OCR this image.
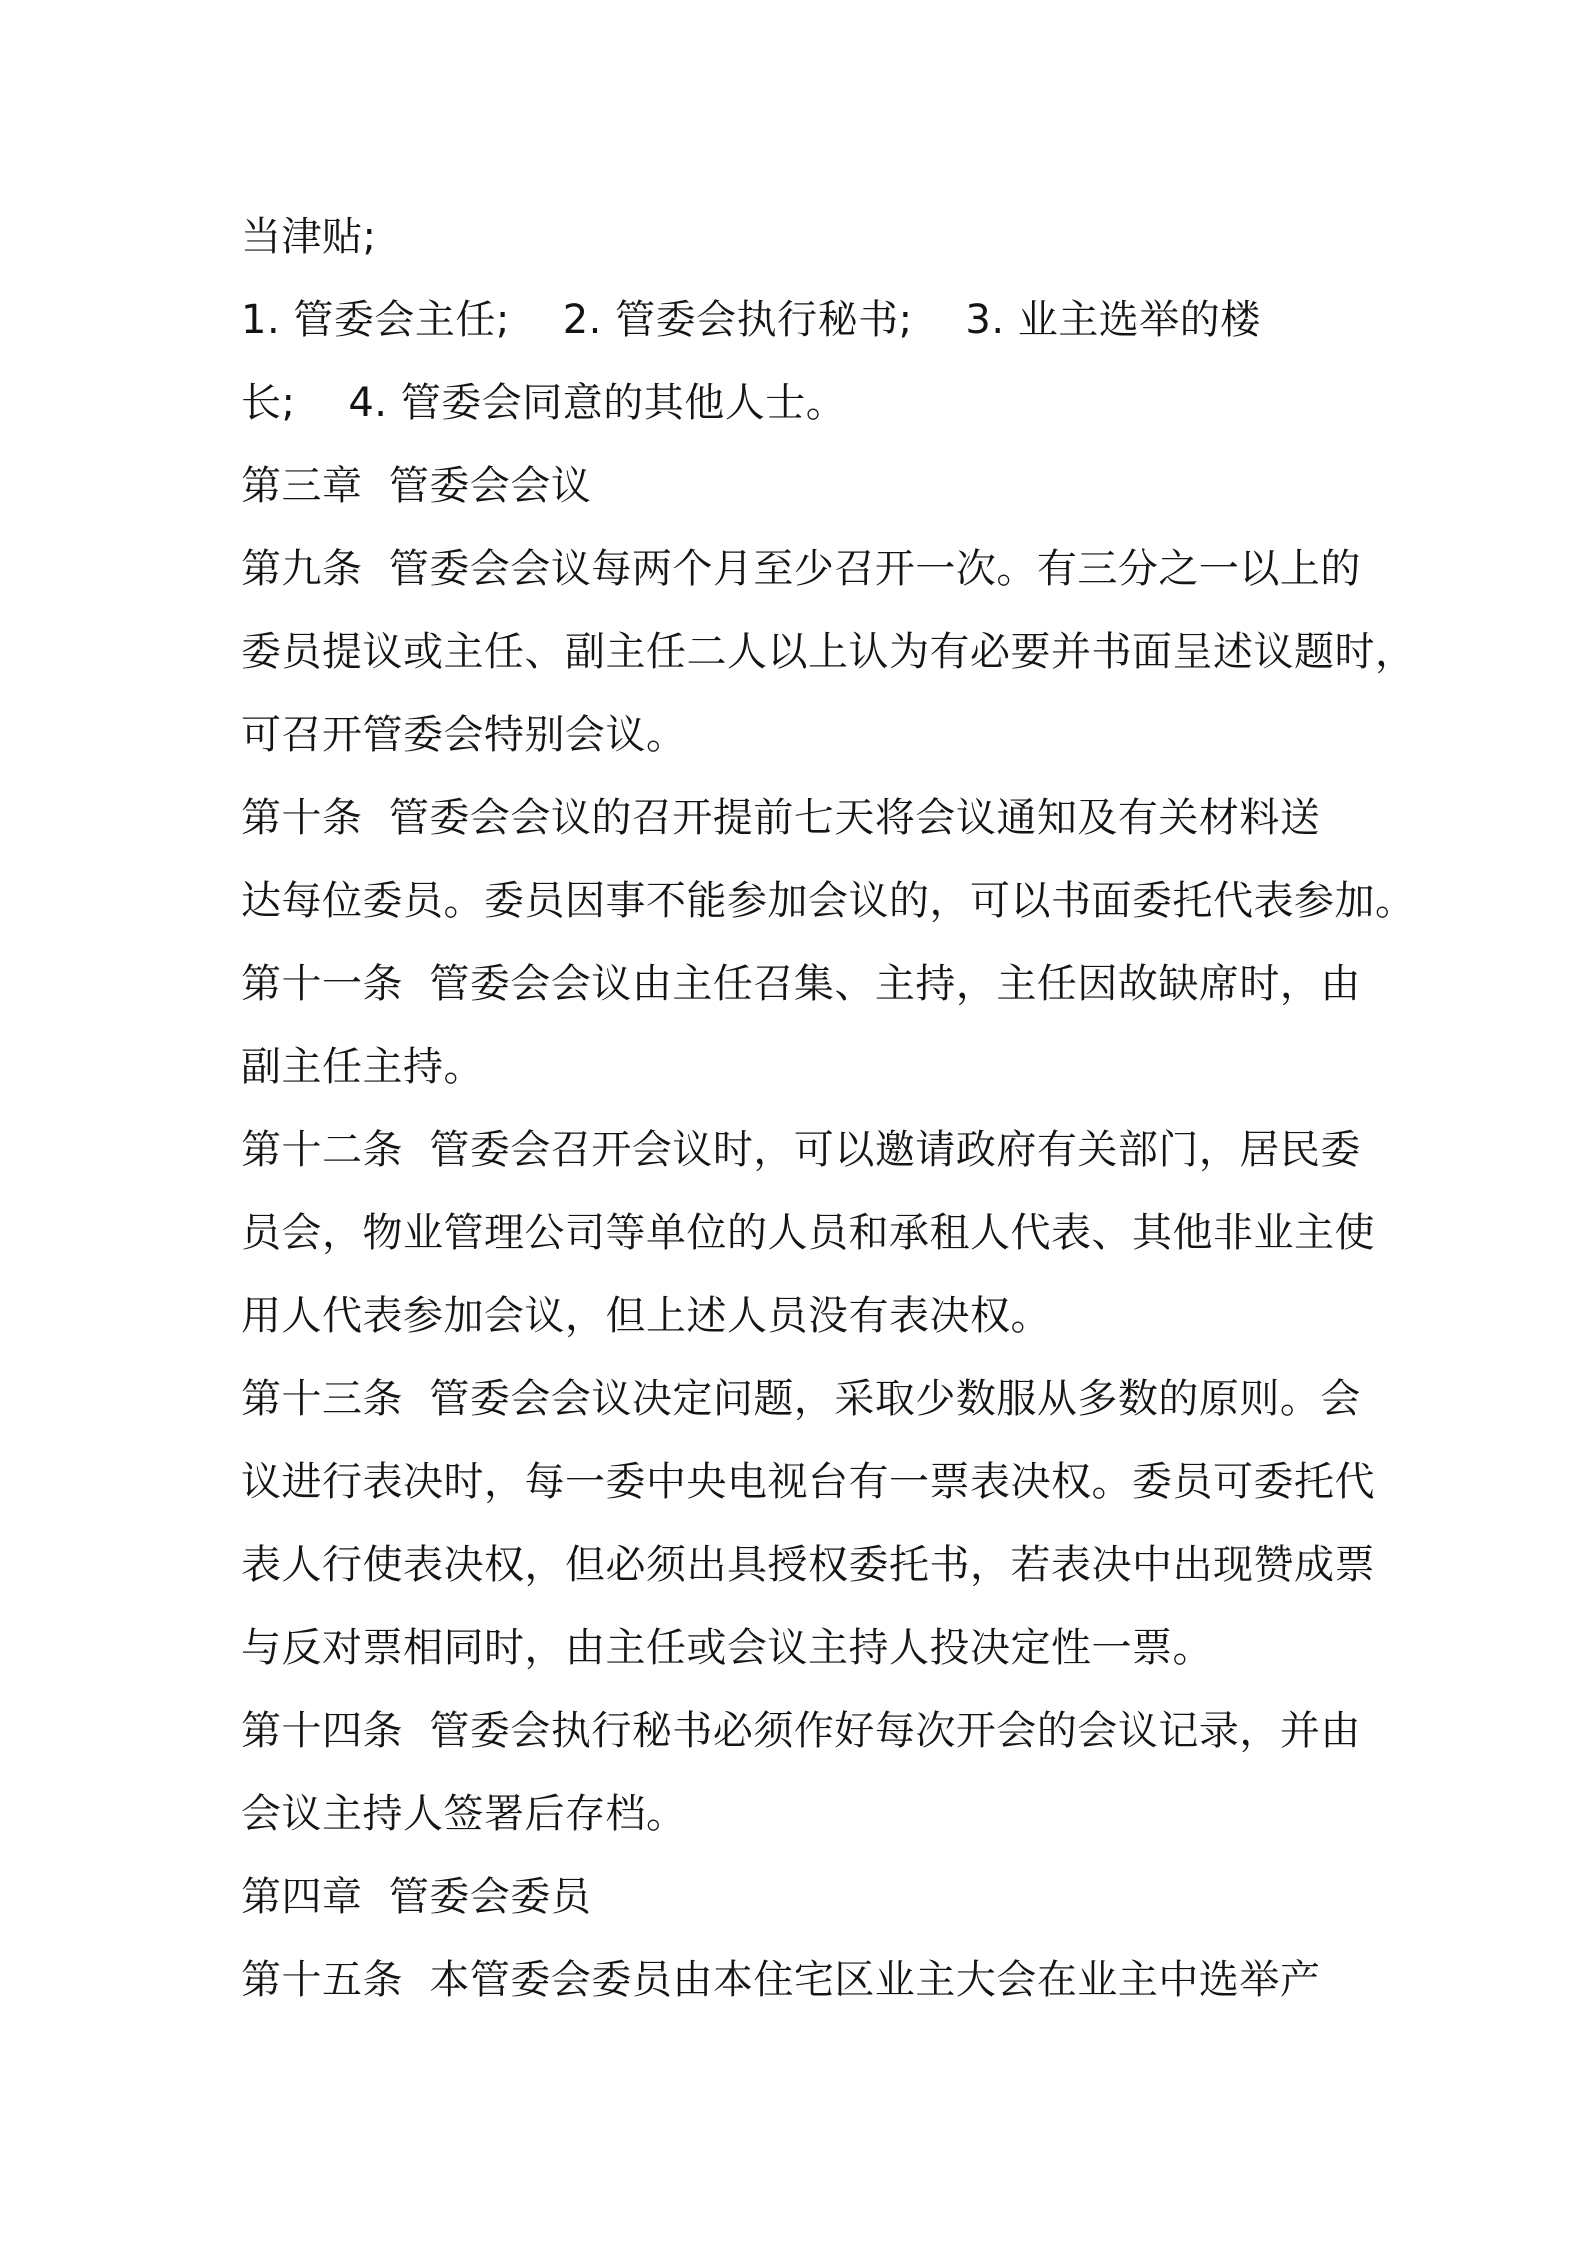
当津贴;
1. 管委会主任;    2. 管委会执行秘书;    3. 业主选举的楼
长;    4. 管委会同意的其他人士。
第三章  管委会会议
第九条  管委会会议每两个月至少召开一次。有三分之一以上的
委员提议或主任、副主任二人以上认为有必要并书面呈述议题时，
可召开管委会特别会议。
第十条  管委会会议的召开提前七天将会议通知及有关材料送
达每位委员。委员因事不能参加会议的，可以书面委托代表参加。
第十一条  管委会会议由主任召集、主持，主任因故缺席时，由
副主任主持。
第十二条  管委会召开会议时，可以邀请政府有关部门，居民委
员会，物业管理公司等单位的人员和承租人代表、其他非业主使
用人代表参加会议，但上述人员没有表决权。
第十三条  管委会会议决定问题，采取少数服从多数的原则。会
议进行表决时，每一委中央电视台有一票表决权。委员可委托代
表人行使表决权，但必须出具授权委托书，若表决中出现赞成票
与反对票相同时，由主任或会议主持人投决定性一票。
第十四条  管委会执行秘书必须作好每次开会的会议记录，并由
会议主持人签署后存档。
第四章  管委会委员
第十五条  本管委会委员由本住宅区业主大会在业主中选举产
